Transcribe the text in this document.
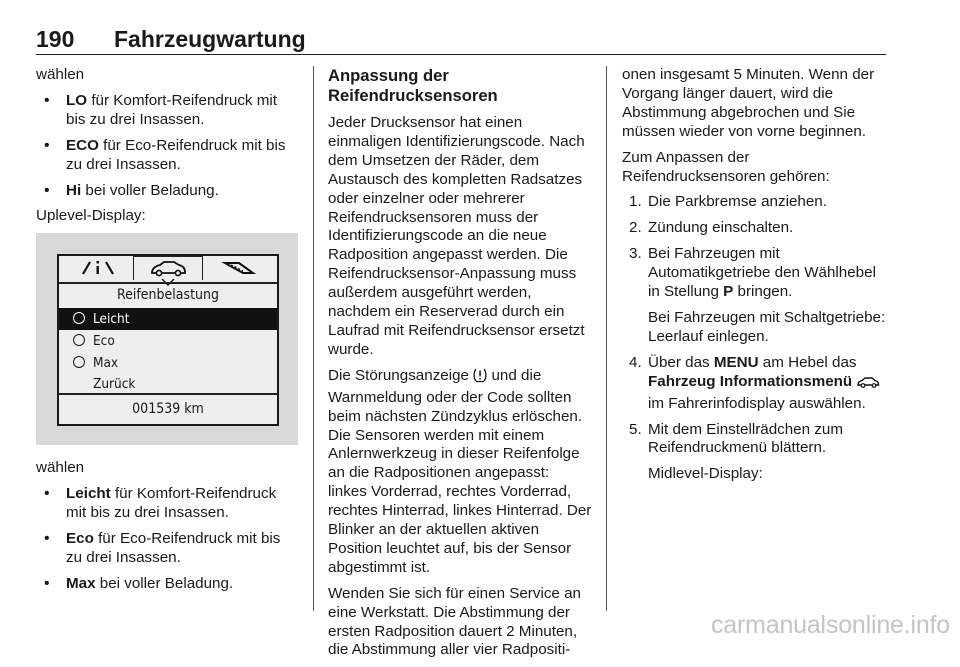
190 Fahrzeugwartung

wählen

• LO für Komfort-Reifendruck mit bis zu drei Insassen.
• ECO für Eco-Reifendruck mit bis zu drei Insassen.
• Hi bei voller Beladung.

Uplevel-Display:

Reifenbelastung
Leicht
Eco
Max
Zurück
001539 km

wählen

• Leicht für Komfort-Reifendruck mit bis zu drei Insassen.
• Eco für Eco-Reifendruck mit bis zu drei Insassen.
• Max bei voller Beladung.
Anpassung der Reifendrucksensoren

Jeder Drucksensor hat einen einmaligen Identifizierungscode. Nach dem Umsetzen der Räder, dem Austausch des kompletten Radsatzes oder einzelner oder mehrerer Reifendrucksensoren muss der Identifizierungscode an die neue Radposition angepasst werden. Die Reifendrucksensor-Anpassung muss außerdem ausgeführt werden, nachdem ein Reserverad durch ein Laufrad mit Reifendrucksensor ersetzt wurde.

Die Störungsanzeige  und die Warnmeldung oder der Code sollten beim nächsten Zündzyklus erlöschen. Die Sensoren werden mit einem Anlernwerkzeug in dieser Reifenfolge an die Radpositionen angepasst: linkes Vorderrad, rechtes Vorderrad, rechtes Hinterrad, linkes Hinterrad. Der Blinker an der aktuellen aktiven Position leuchtet auf, bis der Sensor abgestimmt ist.

Wenden Sie sich für einen Service an eine Werkstatt. Die Abstimmung der ersten Radposition dauert 2 Minuten, die Abstimmung aller vier Radpositi-

onen insgesamt 5 Minuten. Wenn der Vorgang länger dauert, wird die Abstimmung abgebrochen und Sie müssen wieder von vorne beginnen.

Zum Anpassen der Reifendrucksensoren gehören:

1. Die Parkbremse anziehen.
2. Zündung einschalten.
3. Bei Fahrzeugen mit Automatikgetriebe den Wählhebel in Stellung P bringen.
Bei Fahrzeugen mit Schaltgetriebe: Leerlauf einlegen.
4. Über das MENU am Hebel das Fahrzeug Informationsmenü  im Fahrerinfodisplay auswählen.
5. Mit dem Einstellrädchen zum Reifendruckmenü blättern.
Midlevel-Display:
carmanualsonline.info
